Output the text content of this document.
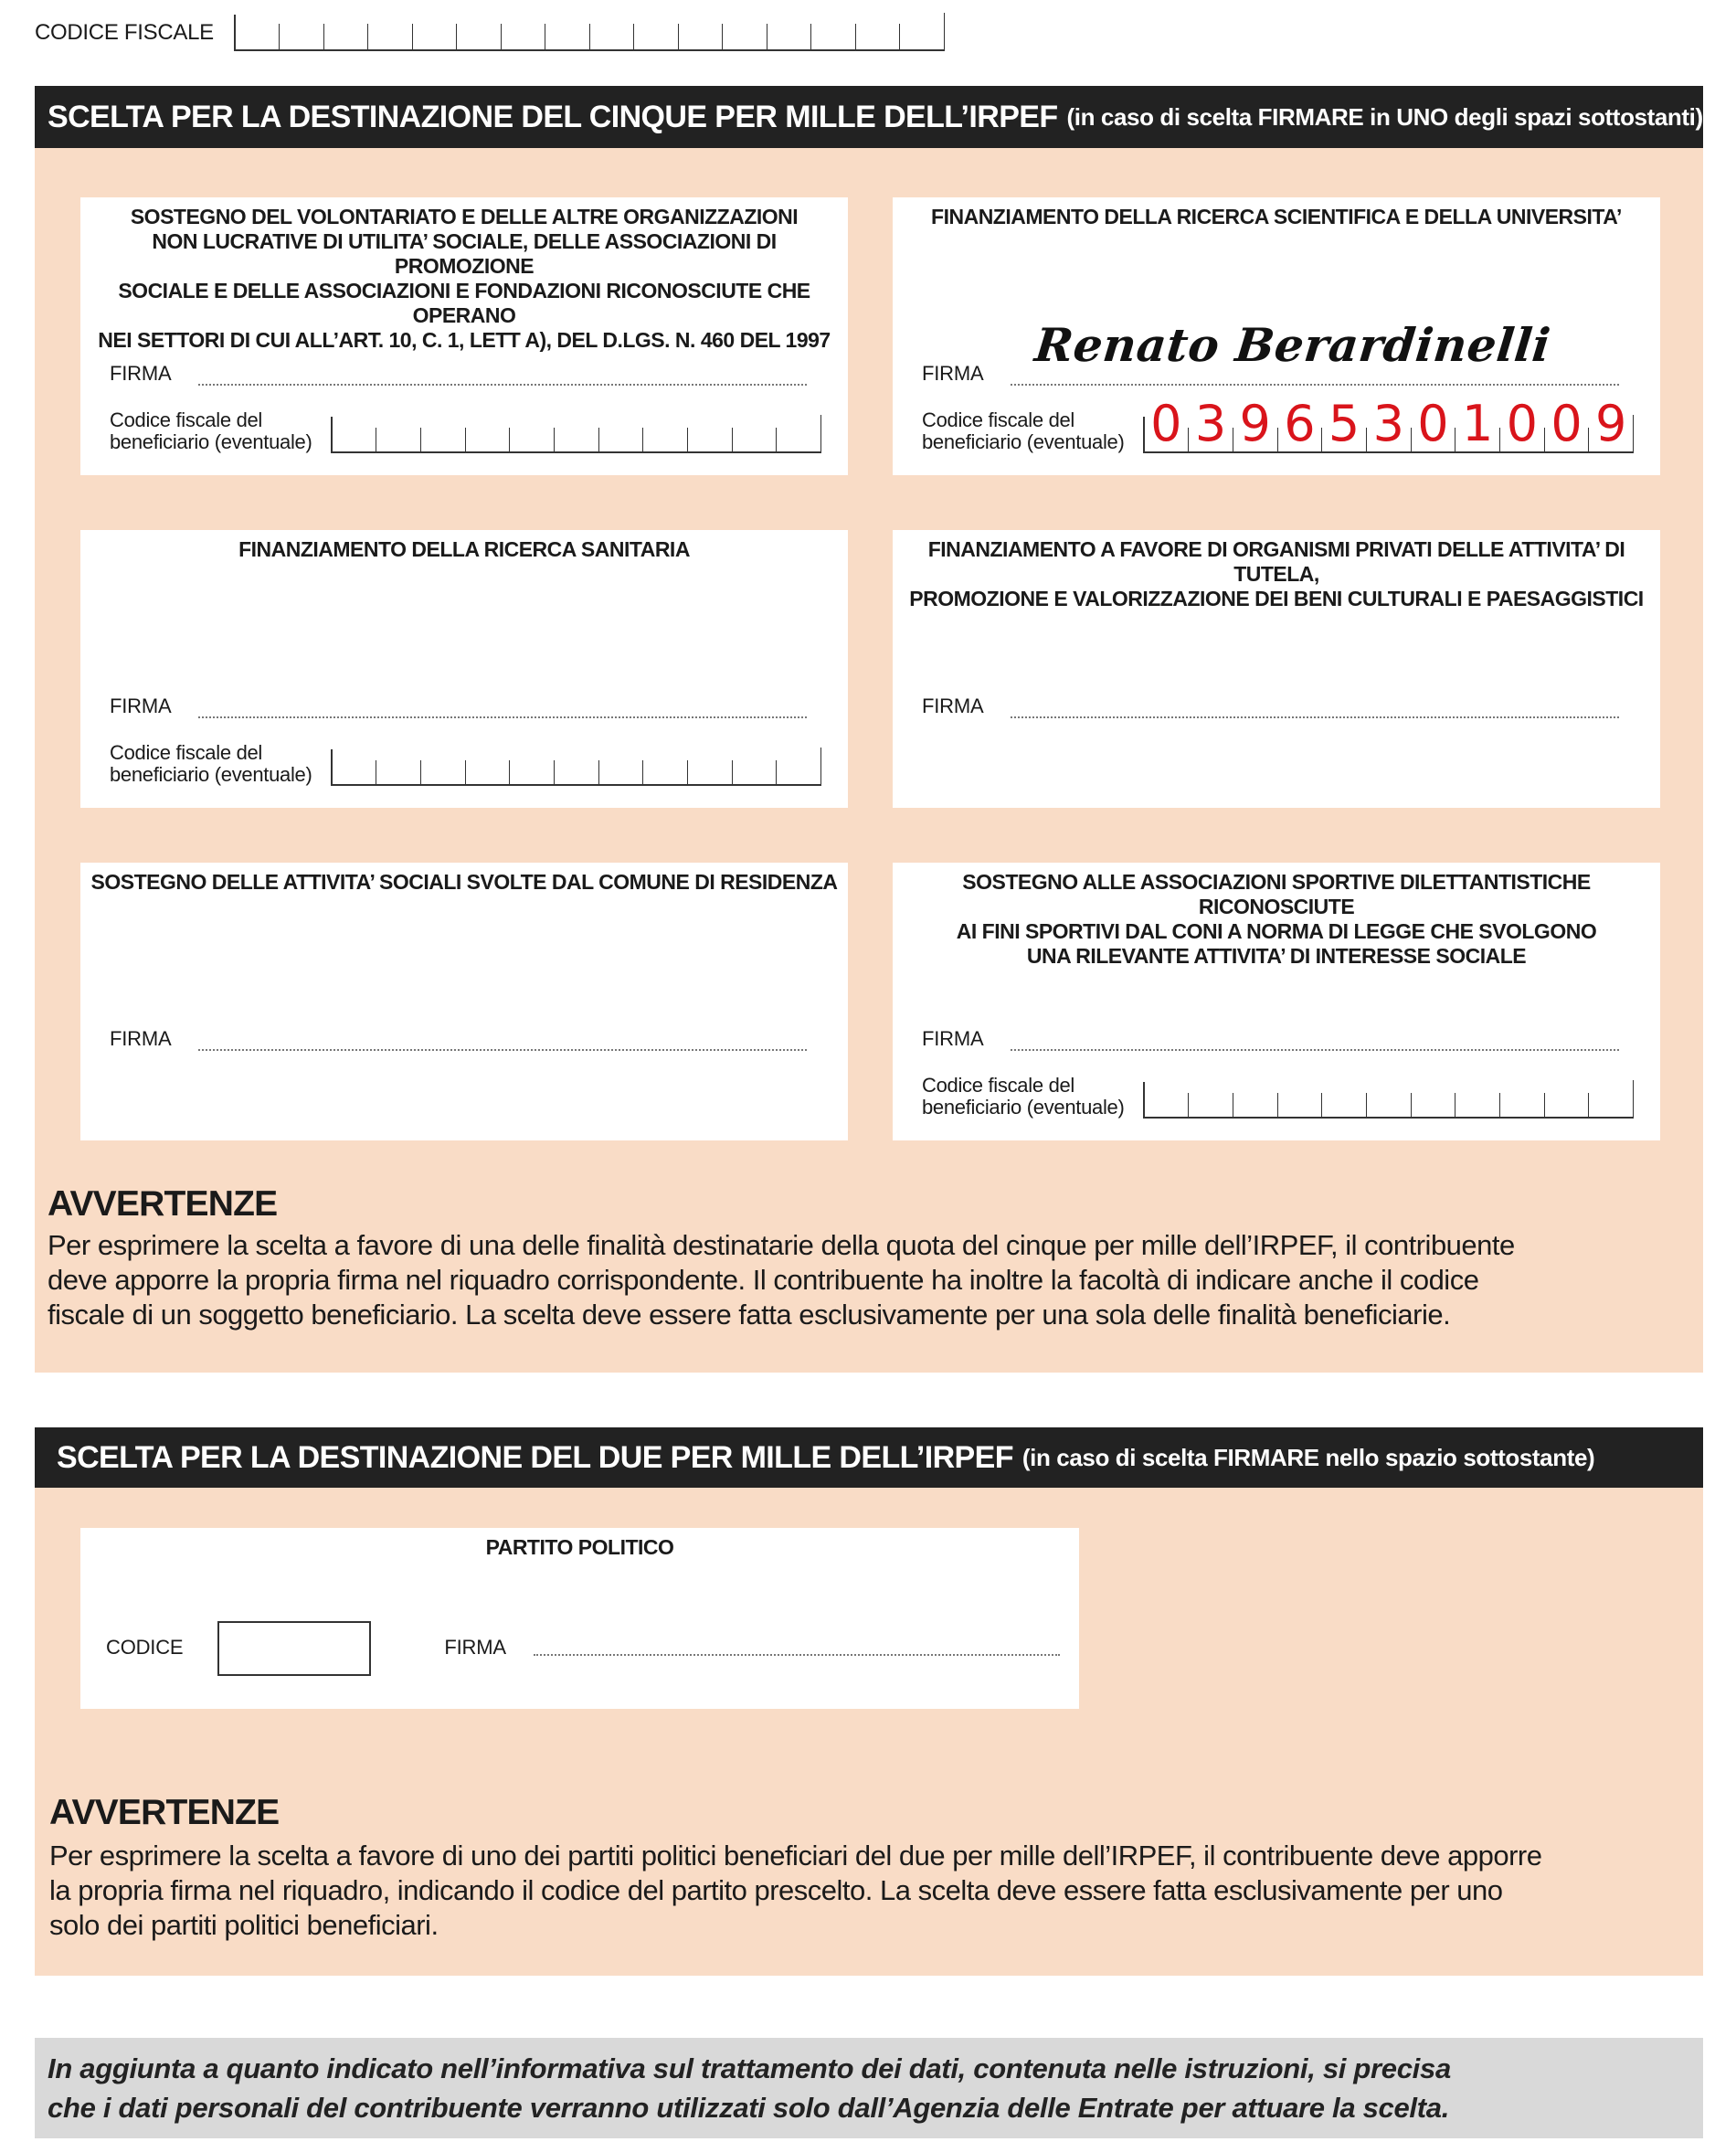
CODICE FISCALE
SCELTA PER LA DESTINAZIONE DEL CINQUE PER MILLE DELL’IRPEF (in caso di scelta FIRMARE in UNO degli spazi sottostanti)
SOSTEGNO DEL VOLONTARIATO E DELLE ALTRE ORGANIZZAZIONI
NON LUCRATIVE DI UTILITA’ SOCIALE, DELLE ASSOCIAZIONI DI PROMOZIONE
SOCIALE E DELLE ASSOCIAZIONI E FONDAZIONI RICONOSCIUTE CHE OPERANO
NEI SETTORI DI CUI ALL’ART. 10, C. 1, LETT A), DEL D.LGS. N. 460 DEL 1997
FIRMA
Codice fiscale del
beneficiario (eventuale)
FINANZIAMENTO DELLA RICERCA SCIENTIFICA E DELLA UNIVERSITA’
Renato Berardinelli
FIRMA
Codice fiscale del
beneficiario (eventuale) 0 3 9 6 5 3 0 1 0 0 9
FINANZIAMENTO DELLA RICERCA SANITARIA
FIRMA
Codice fiscale del
beneficiario (eventuale)
FINANZIAMENTO A FAVORE DI ORGANISMI PRIVATI DELLE ATTIVITA’ DI TUTELA,
PROMOZIONE E VALORIZZAZIONE DEI BENI CULTURALI E PAESAGGISTICI
FIRMA
SOSTEGNO DELLE ATTIVITA’ SOCIALI SVOLTE DAL COMUNE DI RESIDENZA
FIRMA
SOSTEGNO ALLE ASSOCIAZIONI SPORTIVE DILETTANTISTICHE RICONOSCIUTE
AI FINI SPORTIVI DAL CONI A NORMA DI LEGGE CHE SVOLGONO
UNA RILEVANTE ATTIVITA’ DI INTERESSE SOCIALE
FIRMA
Codice fiscale del
beneficiario (eventuale)
AVVERTENZE
Per esprimere la scelta a favore di una delle finalità destinatarie della quota del cinque per mille dell’IRPEF, il contribuente
deve apporre la propria firma nel riquadro corrispondente. Il contribuente ha inoltre la facoltà di indicare anche il codice
fiscale di un soggetto beneficiario. La scelta deve essere fatta esclusivamente per una sola delle finalità beneficiarie.
SCELTA PER LA DESTINAZIONE DEL DUE PER MILLE DELL’IRPEF (in caso di scelta FIRMARE nello spazio sottostante)
PARTITO POLITICO
CODICE	FIRMA
AVVERTENZE
Per esprimere la scelta a favore di uno dei partiti politici beneficiari del due per mille dell’IRPEF, il contribuente deve apporre
la propria firma nel riquadro, indicando il codice del partito prescelto. La scelta deve essere fatta esclusivamente per uno
solo dei partiti politici beneficiari.

In aggiunta a quanto indicato nell’informativa sul trattamento dei dati, contenuta nelle istruzioni, si precisa

che i dati personali del contribuente verranno utilizzati solo dall’Agenzia delle Entrate per attuare la scelta.
